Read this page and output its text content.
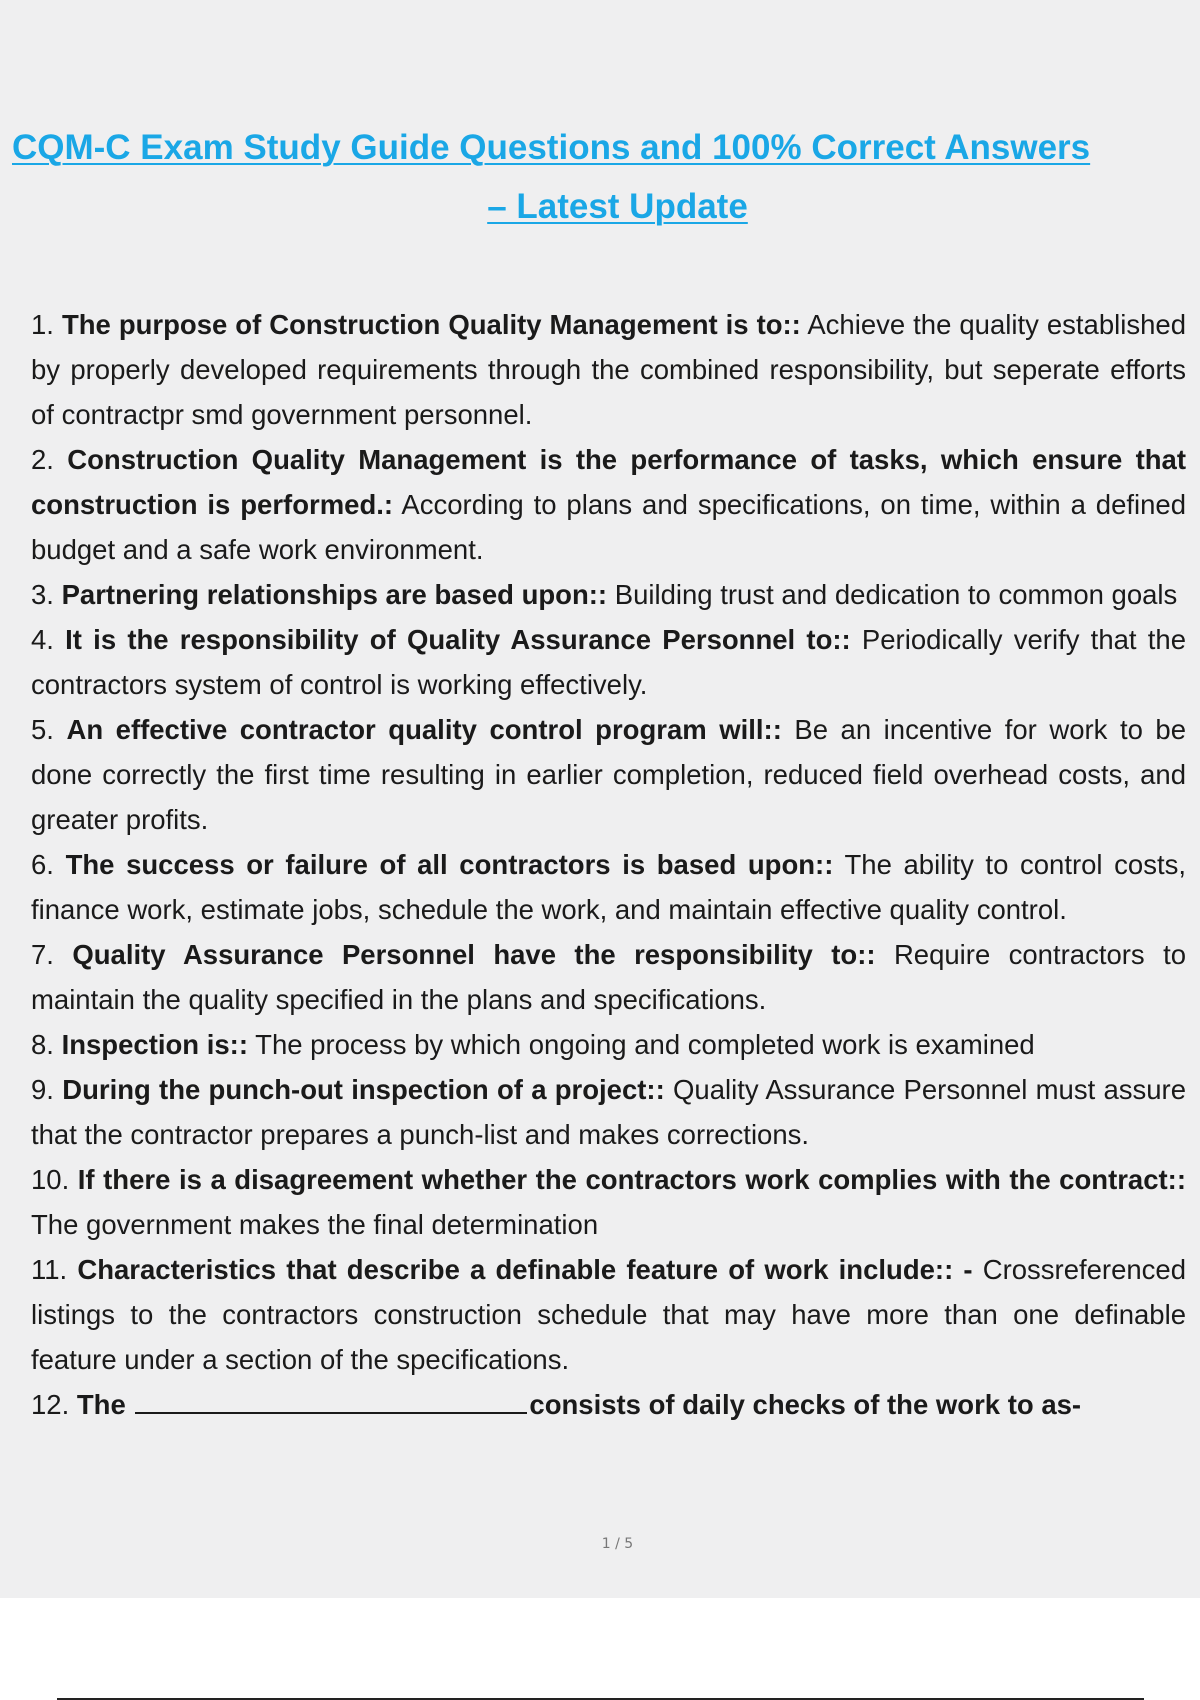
CQM-C Exam Study Guide Questions and 100% Correct Answers
– Latest Update
1. The purpose of Construction Quality Management is to:: Achieve the quality established by properly developed requirements through the combined responsibility, but seperate efforts of contractpr smd government personnel.
2. Construction Quality Management is the performance of tasks, which ensure that construction is performed.: According to plans and specifications, on time, within a defined budget and a safe work environment.
3. Partnering relationships are based upon:: Building trust and dedication to common goals
4. It is the responsibility of Quality Assurance Personnel to:: Periodically verify that the contractors system of control is working effectively.
5. An effective contractor quality control program will:: Be an incentive for work to be done correctly the first time resulting in earlier completion, reduced field overhead costs, and greater profits.
6. The success or failure of all contractors is based upon:: The ability to control costs, finance work, estimate jobs, schedule the work, and maintain effective quality control.
7. Quality Assurance Personnel have the responsibility to:: Require contractors to maintain the quality specified in the plans and specifications.
8. Inspection is:: The process by which ongoing and completed work is examined
9. During the punch-out inspection of a project:: Quality Assurance Personnel must assure that the contractor prepares a punch-list and makes corrections.
10. If there is a disagreement whether the contractors work complies with the contract:: The government makes the final determination
11. Characteristics that describe a definable feature of work include:: - Crossreferenced listings to the contractors construction schedule that may have more than one definable feature under a section of the specifications.
12. The	consists of daily checks of the work to as-
1 / 5
